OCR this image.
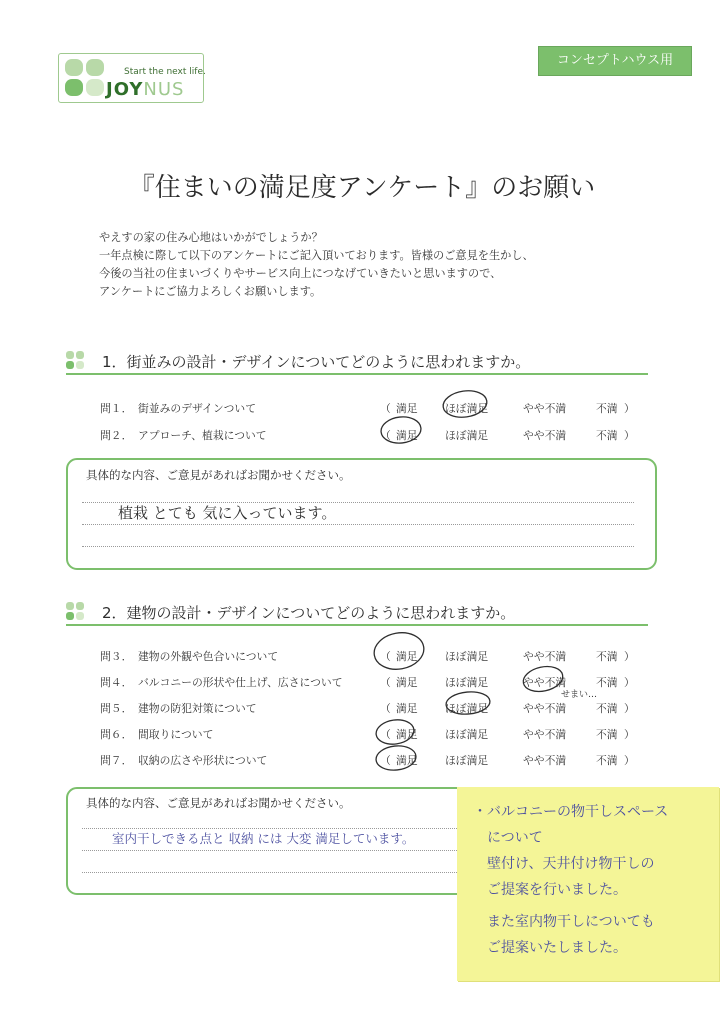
Start the next life.
JOYNUS
コンセプトハウス用
『住まいの満足度アンケート』のお願い
やえすの家の住み心地はいかがでしょうか？
一年点検に際して以下のアンケートにご記入頂いております。皆様のご意見を生かし、
今後の当社の住まいづくりやサービス向上につなげていきたいと思いますので、
アンケートにご協力よろしくお願いします。
1．街並みの設計・デザインについてどのように思われますか。
問１． 街並みのデザインついて	（ 満足	ほぼ満足	やや不満	不満 ）
問２． アプローチ、植栽について	（ 満足	ほぼ満足	やや不満	不満 ）
具体的な内容、ご意見があればお聞かせください。
植栽 とても 気に入っています。
2．建物の設計・デザインについてどのように思われますか。
問３． 建物の外観や色合いについて	（ 満足	ほぼ満足	やや不満	不満 ）
問４． バルコニーの形状や仕上げ、広さについて	（ 満足	ほぼ満足	やや不満	不満 ）
問５． 建物の防犯対策について	（ 満足	ほぼ満足	やや不満	不満 ）
問６． 間取りについて	（ 満足	ほぼ満足	やや不満	不満 ）
問７． 収納の広さや形状について	（ 満足	ほぼ満足	やや不満	不満 ）
せまい…
具体的な内容、ご意見があればお聞かせください。
室内干しできる点と 収納 には 大変 満足しています。
・バルコニーの物干しスペース
　について
　壁付け、天井付け物干しの
　ご提案を行いました。
　また室内物干しについても
　ご提案いたしました。
